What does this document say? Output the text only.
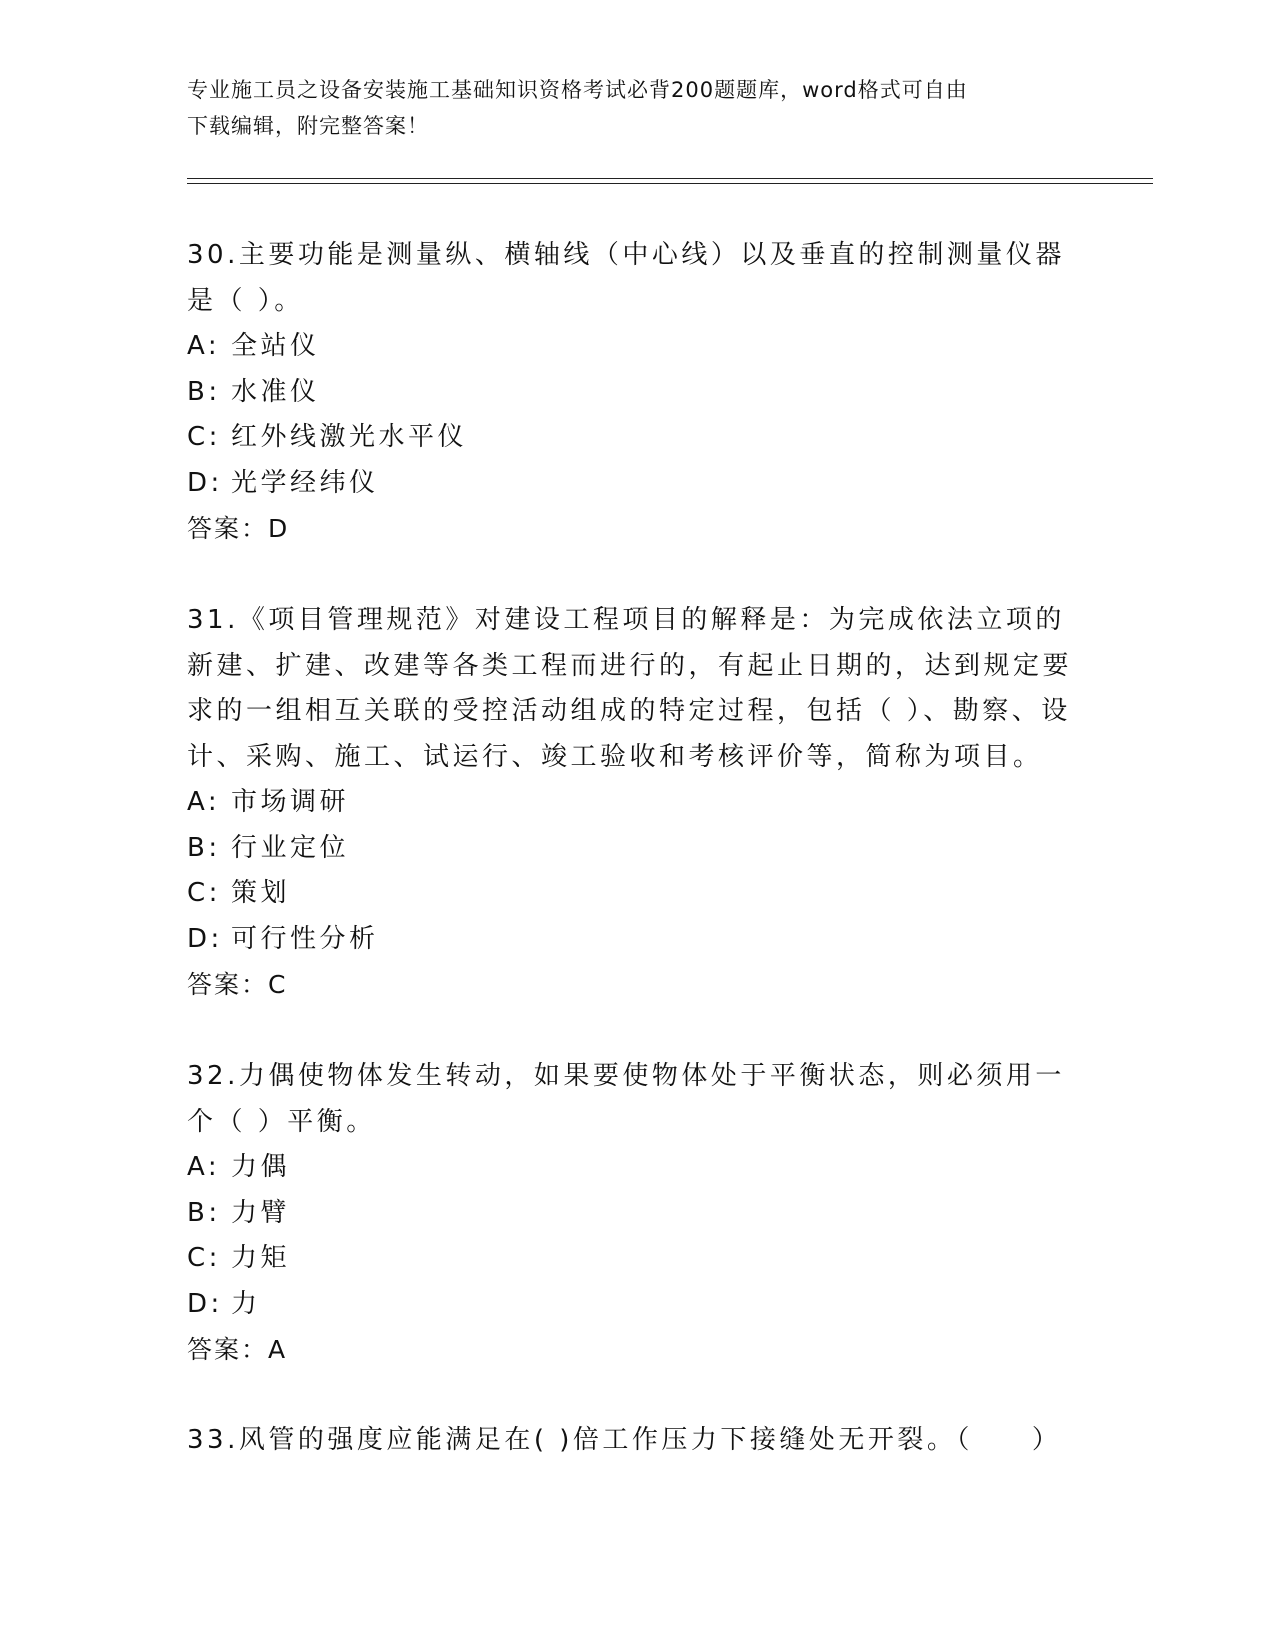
专业施工员之设备安装施工基础知识资格考试必背200题题库，word格式可自由
下载编辑，附完整答案！
30.主要功能是测量纵、横轴线（中心线）以及垂直的控制测量仪器是（ ）。
A: 全站仪
B: 水准仪
C: 红外线激光水平仪
D: 光学经纬仪
答案：D
31.《项目管理规范》对建设工程项目的解释是：为完成依法立项的新建、扩建、改建等各类工程而进行的，有起止日期的，达到规定要求的一组相互关联的受控活动组成的特定过程，包括（ ）、勘察、设计、采购、施工、试运行、竣工验收和考核评价等，简称为项目。
A: 市场调研
B: 行业定位
C: 策划
D: 可行性分析
答案：C
32.力偶使物体发生转动，如果要使物体处于平衡状态，则必须用一个（ ）平衡。
A: 力偶
B: 力臂
C: 力矩
D: 力
答案：A
33.风管的强度应能满足在( )倍工作压力下接缝处无开裂。（　　）
